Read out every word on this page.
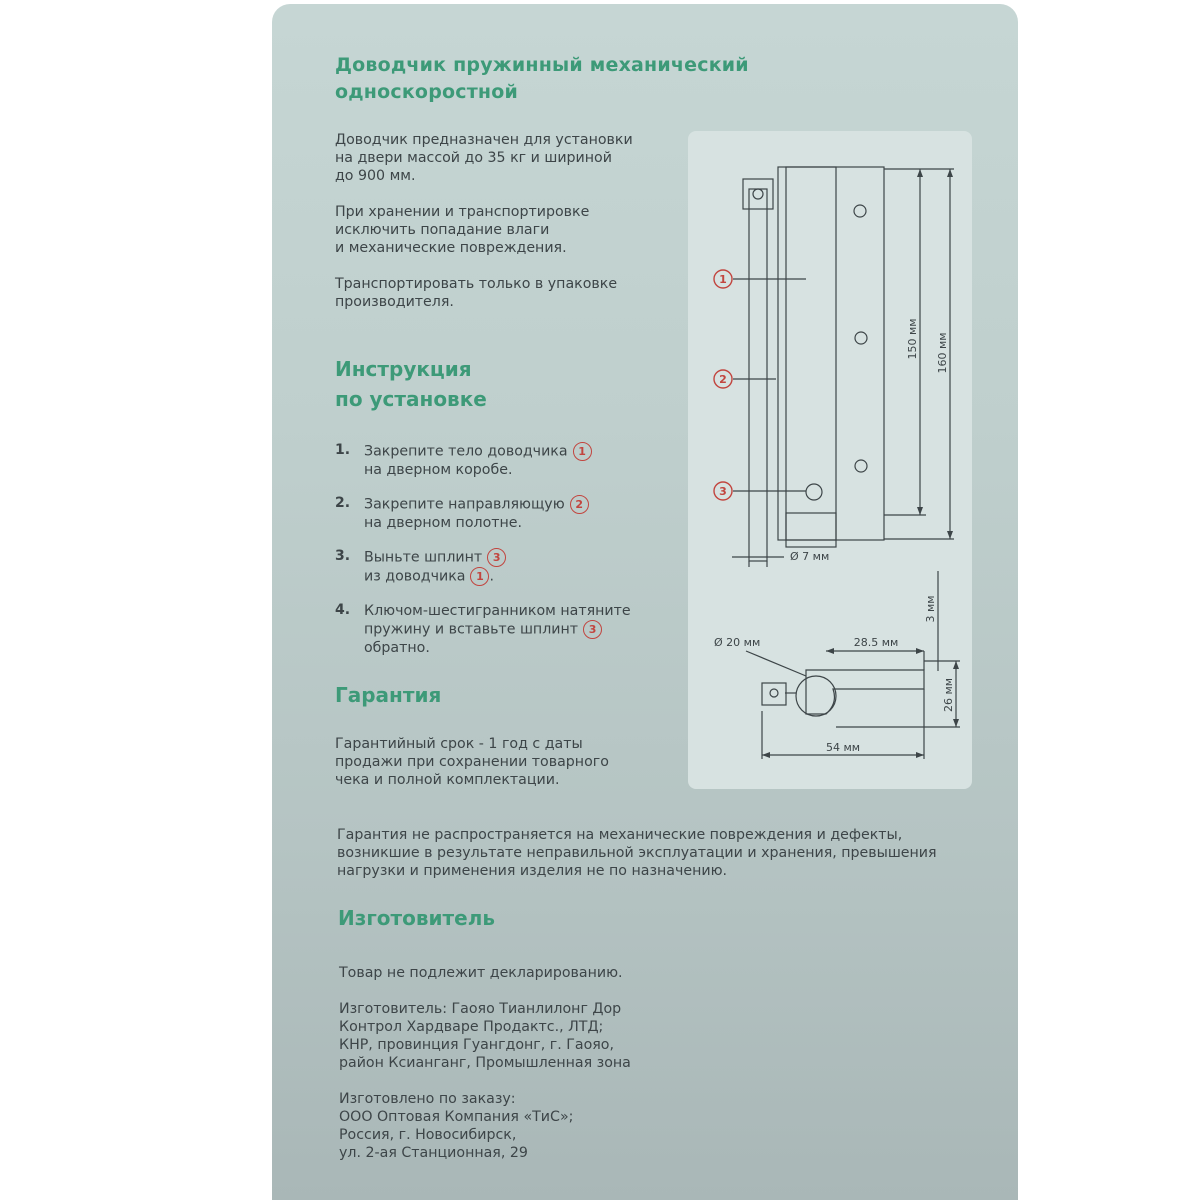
Доводчик пружинный механический
односкоростной
Доводчик предназначен для установки
на двери массой до 35 кг и шириной
до 900 мм.
При хранении и транспортировке
исключить попадание влаги
и механические повреждения.
Транспортировать только в упаковке
производителя.
Инструкция
по установке
1. Закрепите тело доводчика 1
на дверном коробе.
2. Закрепите направляющую 2
на дверном полотне.
3. Выньте шплинт 3
из доводчика 1 .
4. Ключом-шестигранником натяните
пружину и вставьте шплинт 3
обратно.
Гарантия
Гарантийный срок - 1 год с даты
продажи при сохранении товарного
чека и полной комплектации.
Гарантия не распространяется на механические повреждения и дефекты,
возникшие в результате неправильной эксплуатации и хранения, превышения
нагрузки и применения изделия не по назначению.
Изготовитель
Товар не подлежит декларированию.
Изготовитель: Гаояо Тианлилонг Дор
Контрол Хардваре Продактс., ЛТД;
КНР, провинция Гуангдонг, г. Гаояо,
район Ксианганг, Промышленная зона
Изготовлено по заказу:
ООО Оптовая Компания «ТиС»;
Россия, г. Новосибирск,
ул. 2-ая Станционная, 29
1
2
3
150 мм 160 мм
Ø 7 мм
Ø 20 мм	28.5 мм
3 мм
26 мм
54 мм
